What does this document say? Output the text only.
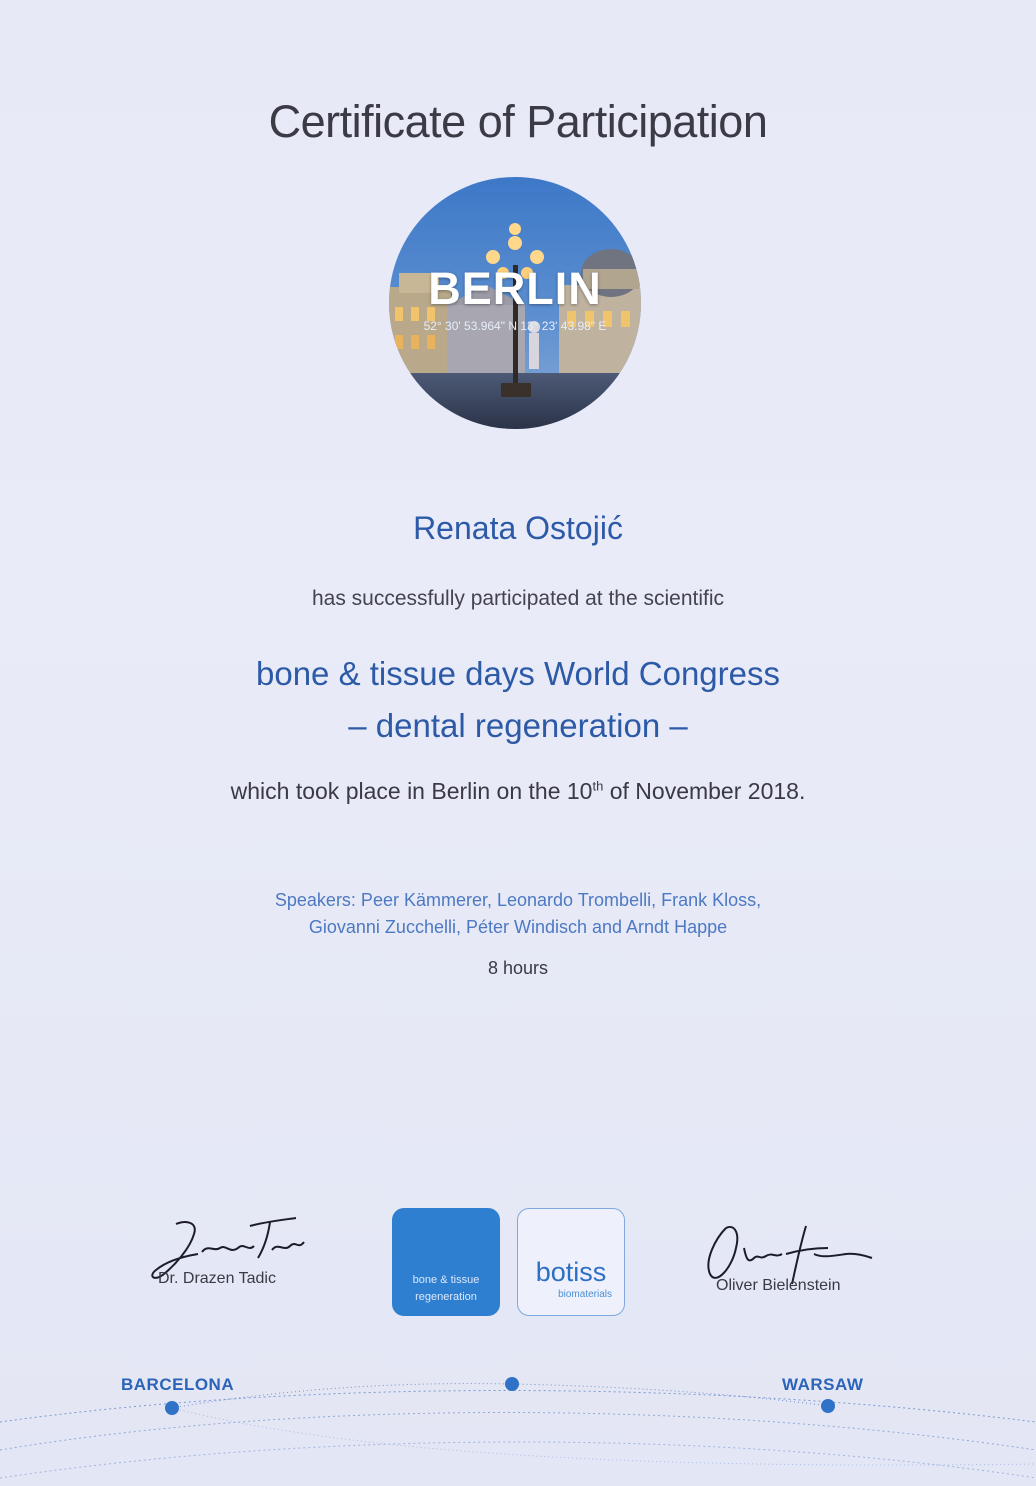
Certificate of Participation
BERLIN
52° 30' 53.964" N 13° 23' 43.98" E
Renata Ostojić
has successfully participated at the scientific
bone & tissue days World Congress
– dental regeneration –
which took place in Berlin on the 10th of November 2018.
Speakers: Peer Kämmerer, Leonardo Trombelli, Frank Kloss,
Giovanni Zucchelli, Péter Windisch and Arndt Happe
8 hours
Dr. Drazen Tadic	Oliver Bielenstein
bone & tissue
regeneration
botiss
biomaterials
BARCELONA	WARSAW
